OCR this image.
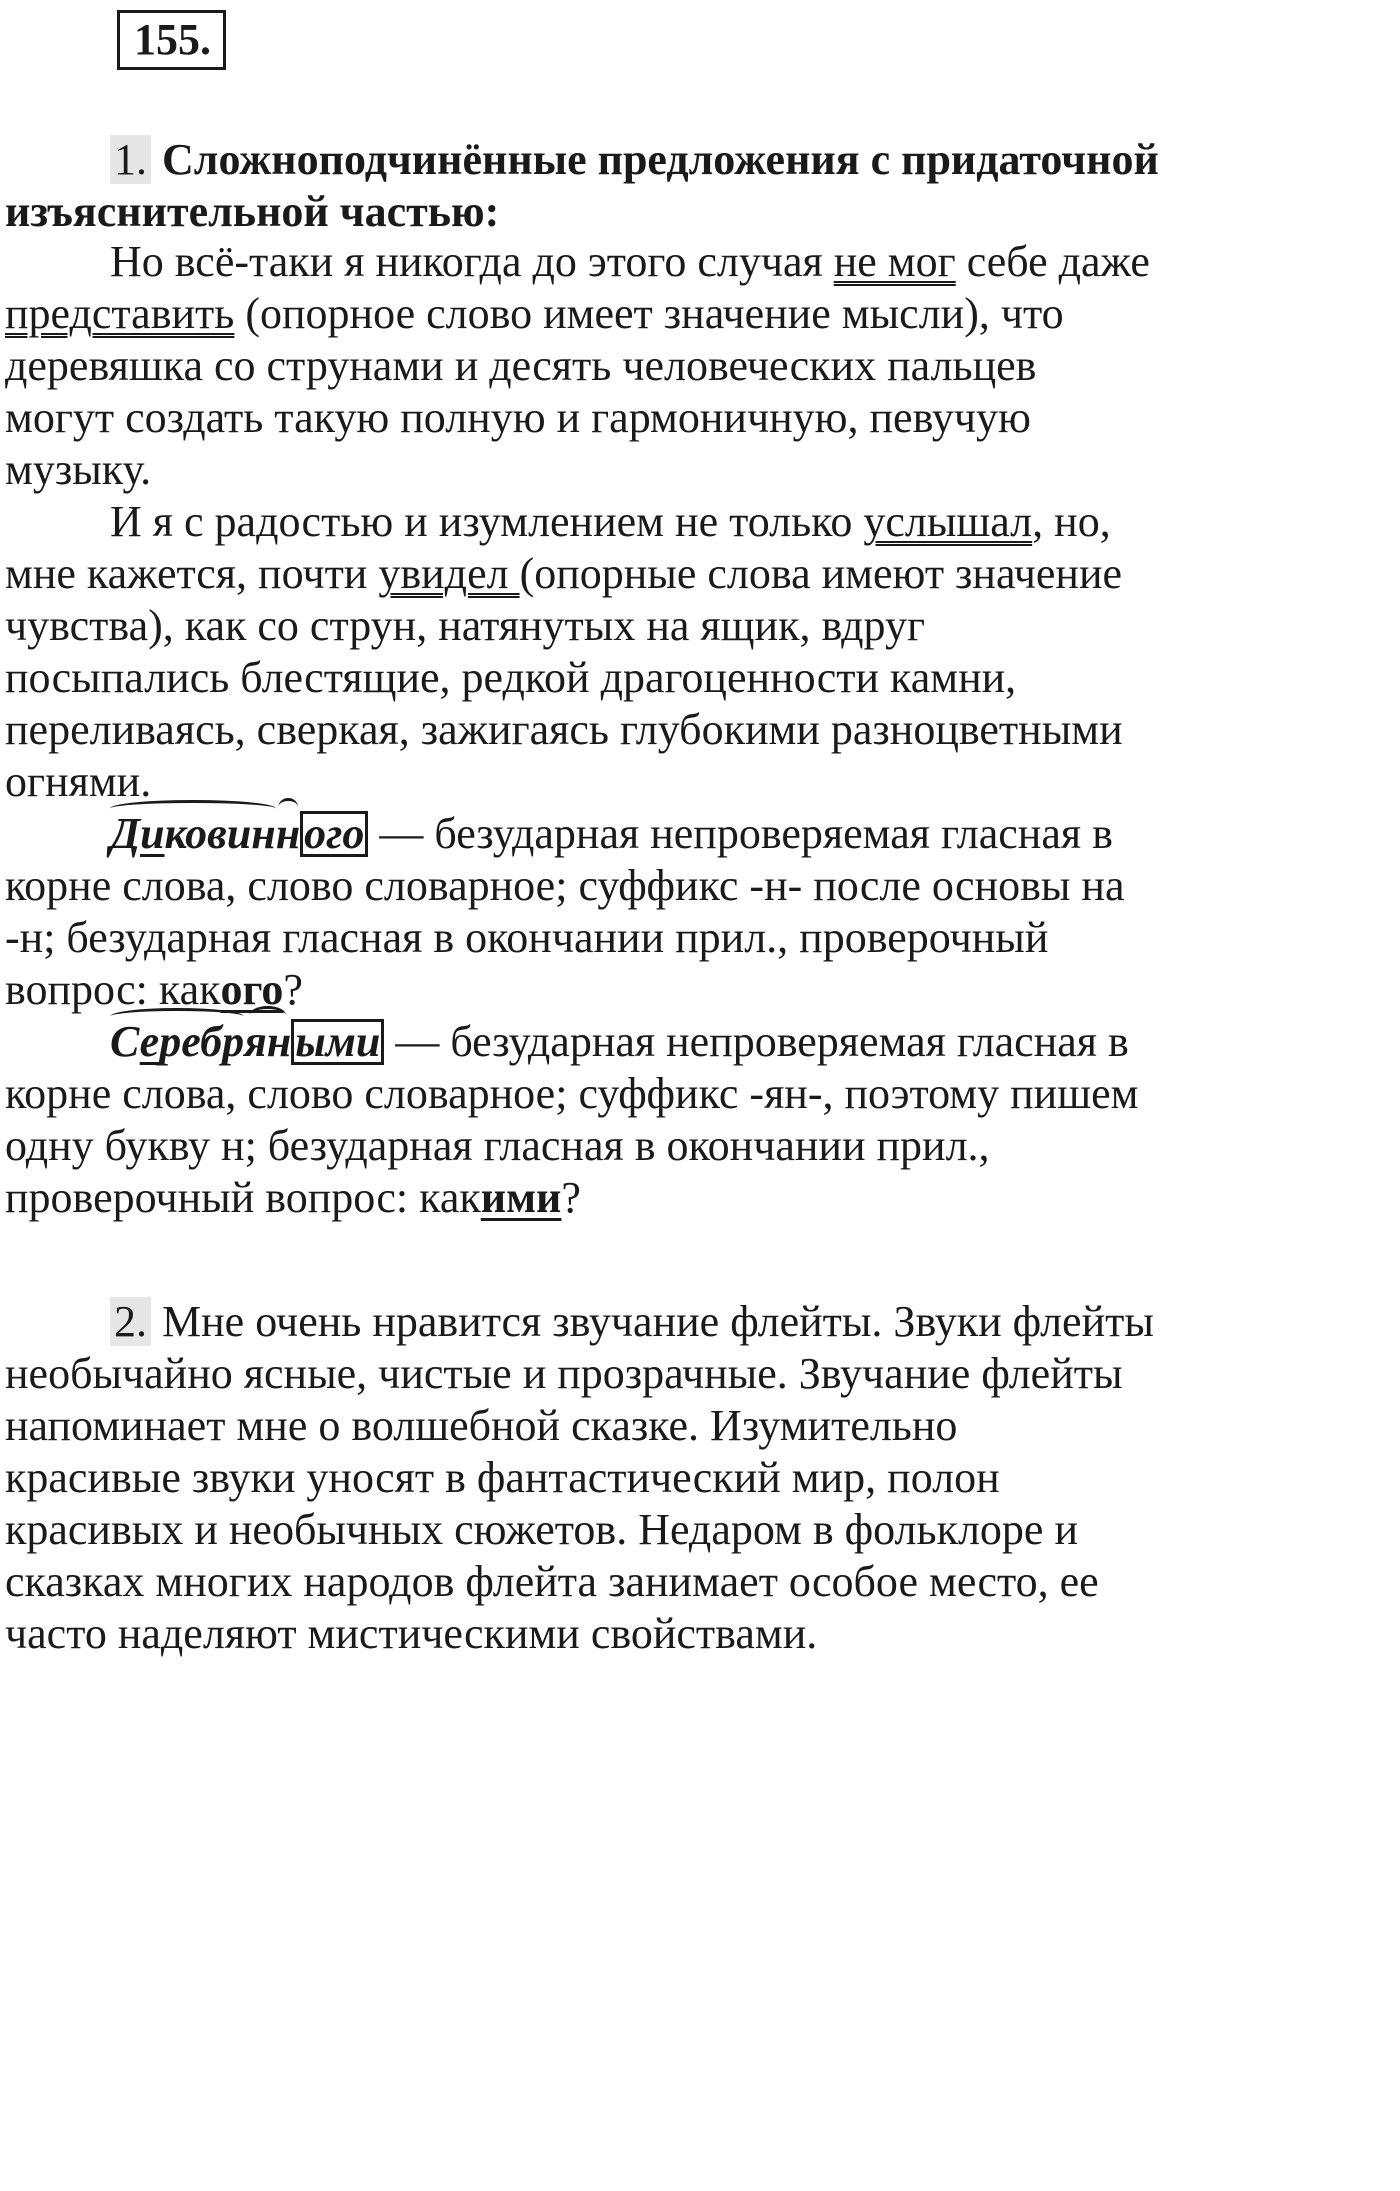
155.
1. Сложноподчинённые предложения с придаточной
изъяснительной частью:
Но всё-таки я никогда до этого случая не мог себе даже
представить (опорное слово имеет значение мысли), что
деревяшка со струнами и десять человеческих пальцев
могут создать такую полную и гармоничную, певучую
музыку.
И я с радостью и изумлением не только услышал, но,
мне кажется, почти увидел (опорные слова имеют значение
чувства), как со струн, натянутых на ящик, вдруг
посыпались блестящие, редкой драгоценности камни,
переливаясь, сверкая, зажигаясь глубокими разноцветными
огнями.
Диковинного — безударная непроверяемая гласная в
корне слова, слово словарное; суффикс -н- после основы на
-н; безударная гласная в окончании прил., проверочный
вопрос: какого?
Серебряными — безударная непроверяемая гласная в
корне слова, слово словарное; суффикс -ян-, поэтому пишем
одну букву н; безударная гласная в окончании прил.,
проверочный вопрос: какими?
2. Мне очень нравится звучание флейты. Звуки флейты
необычайно ясные, чистые и прозрачные. Звучание флейты
напоминает мне о волшебной сказке. Изумительно
красивые звуки уносят в фантастический мир, полон
красивых и необычных сюжетов. Недаром в фольклоре и
сказках многих народов флейта занимает особое место, ее
часто наделяют мистическими свойствами.
